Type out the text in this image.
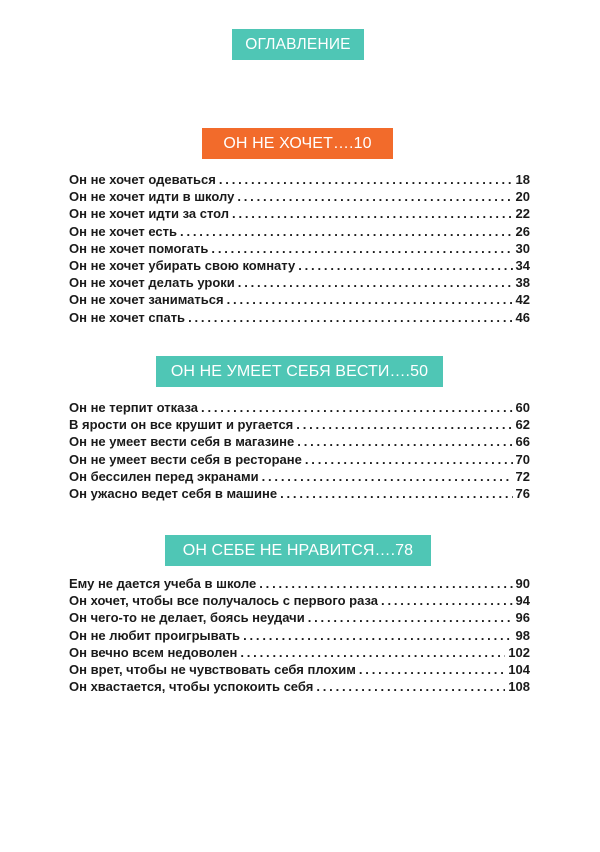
ОГЛАВЛЕНИЕ
ОН НЕ ХОЧЕТ….10
Он не хочет одеваться . . .	18
Он не хочет идти в школу . . .	20
Он не хочет идти за стол . . .	22
Он не хочет есть . . .	26
Он не хочет помогать . . .	30
Он не хочет убирать свою комнату . . .	34
Он не хочет делать уроки . . .	38
Он не хочет заниматься . . .	42
Он не хочет спать . . .	46
ОН НЕ УМЕЕТ СЕБЯ ВЕСТИ….50
Он не терпит отказа . . .	60
В ярости он все крушит и ругается . . .	62
Он не умеет вести себя в магазине . . .	66
Он не умеет вести себя в ресторане . . .	70
Он бессилен перед экранами . . .	72
Он ужасно ведет себя в машине . . .	76
ОН СЕБЕ НЕ НРАВИТСЯ….78
Ему не дается учеба в школе . . .	90
Он хочет, чтобы все получалось с первого раза . . .	94
Он чего-то не делает, боясь неудачи . . .	96
Он не любит проигрывать . . .	98
Он вечно всем недоволен . . .	102
Он врет, чтобы не чувствовать себя плохим . . .	104
Он хвастается, чтобы успокоить себя . . .	108
